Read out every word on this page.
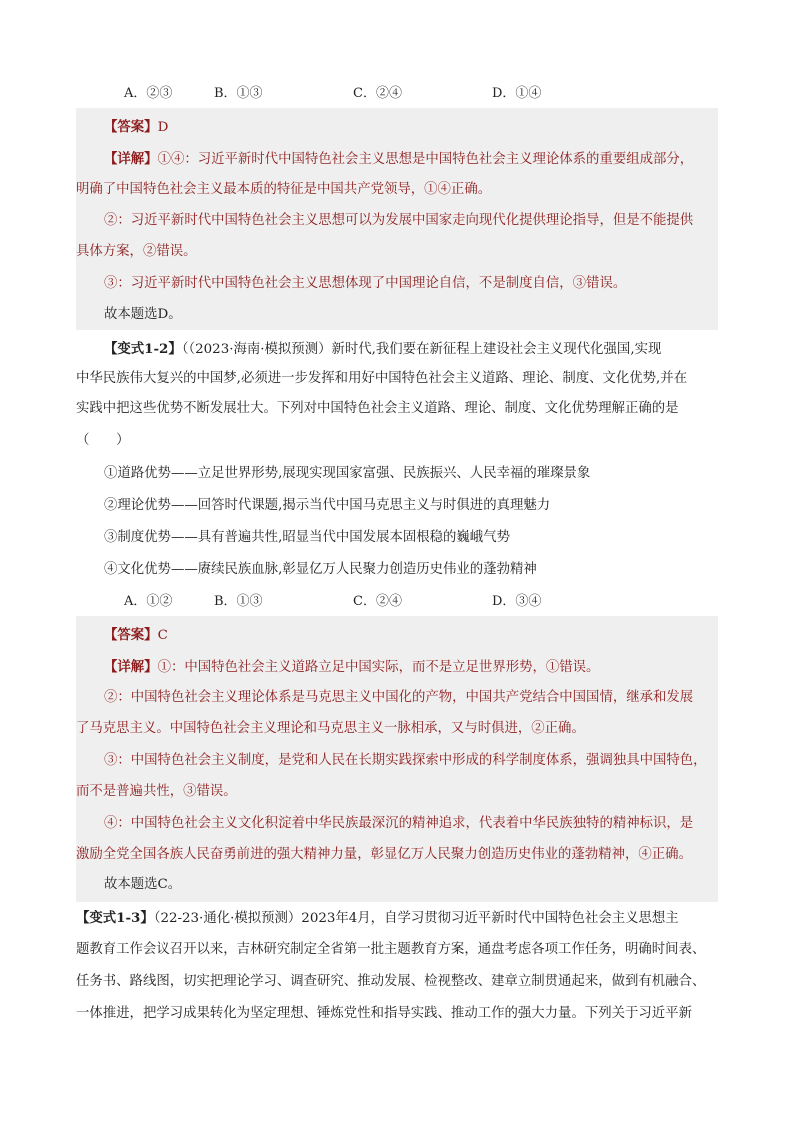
A．②③	B．①③	C．②④	D．①④
【答案】D
【详解】①④：习近平新时代中国特色社会主义思想是中国特色社会主义理论体系的重要组成部分，
明确了中国特色社会主义最本质的特征是中国共产党领导，①④正确。
②：习近平新时代中国特色社会主义思想可以为发展中国家走向现代化提供理论指导，但是不能提供
具体方案，②错误。
③：习近平新时代中国特色社会主义思想体现了中国理论自信，不是制度自信，③错误。
故本题选D。
【变式1-2】（（2023·海南·模拟预测）新时代,我们要在新征程上建设社会主义现代化强国,实现
中华民族伟大复兴的中国梦,必须进一步发挥和用好中国特色社会主义道路、理论、制度、文化优势,并在
实践中把这些优势不断发展壮大。下列对中国特色社会主义道路、理论、制度、文化优势理解正确的是
（　　）
①道路优势——立足世界形势,展现实现国家富强、民族振兴、人民幸福的璀璨景象
②理论优势——回答时代课题,揭示当代中国马克思主义与时俱进的真理魅力
③制度优势——具有普遍共性,昭显当代中国发展本固根稳的巍峨气势
④文化优势——赓续民族血脉,彰显亿万人民聚力创造历史伟业的蓬勃精神
A．①②	B．①③	C．②④	D．③④
【答案】C
【详解】①：中国特色社会主义道路立足中国实际，而不是立足世界形势，①错误。
②：中国特色社会主义理论体系是马克思主义中国化的产物，中国共产党结合中国国情，继承和发展
了马克思主义。中国特色社会主义理论和马克思主义一脉相承，又与时俱进，②正确。
③：中国特色社会主义制度，是党和人民在长期实践探索中形成的科学制度体系，强调独具中国特色，
而不是普遍共性，③错误。
④：中国特色社会主义文化积淀着中华民族最深沉的精神追求，代表着中华民族独特的精神标识，是
激励全党全国各族人民奋勇前进的强大精神力量，彰显亿万人民聚力创造历史伟业的蓬勃精神，④正确。
故本题选C。
【变式1-3】（22-23·通化·模拟预测）2023年4月，自学习贯彻习近平新时代中国特色社会主义思想主
题教育工作会议召开以来，吉林研究制定全省第一批主题教育方案，通盘考虑各项工作任务，明确时间表、
任务书、路线图，切实把理论学习、调查研究、推动发展、检视整改、建章立制贯通起来，做到有机融合、
一体推进，把学习成果转化为坚定理想、锤炼党性和指导实践、推动工作的强大力量。下列关于习近平新
